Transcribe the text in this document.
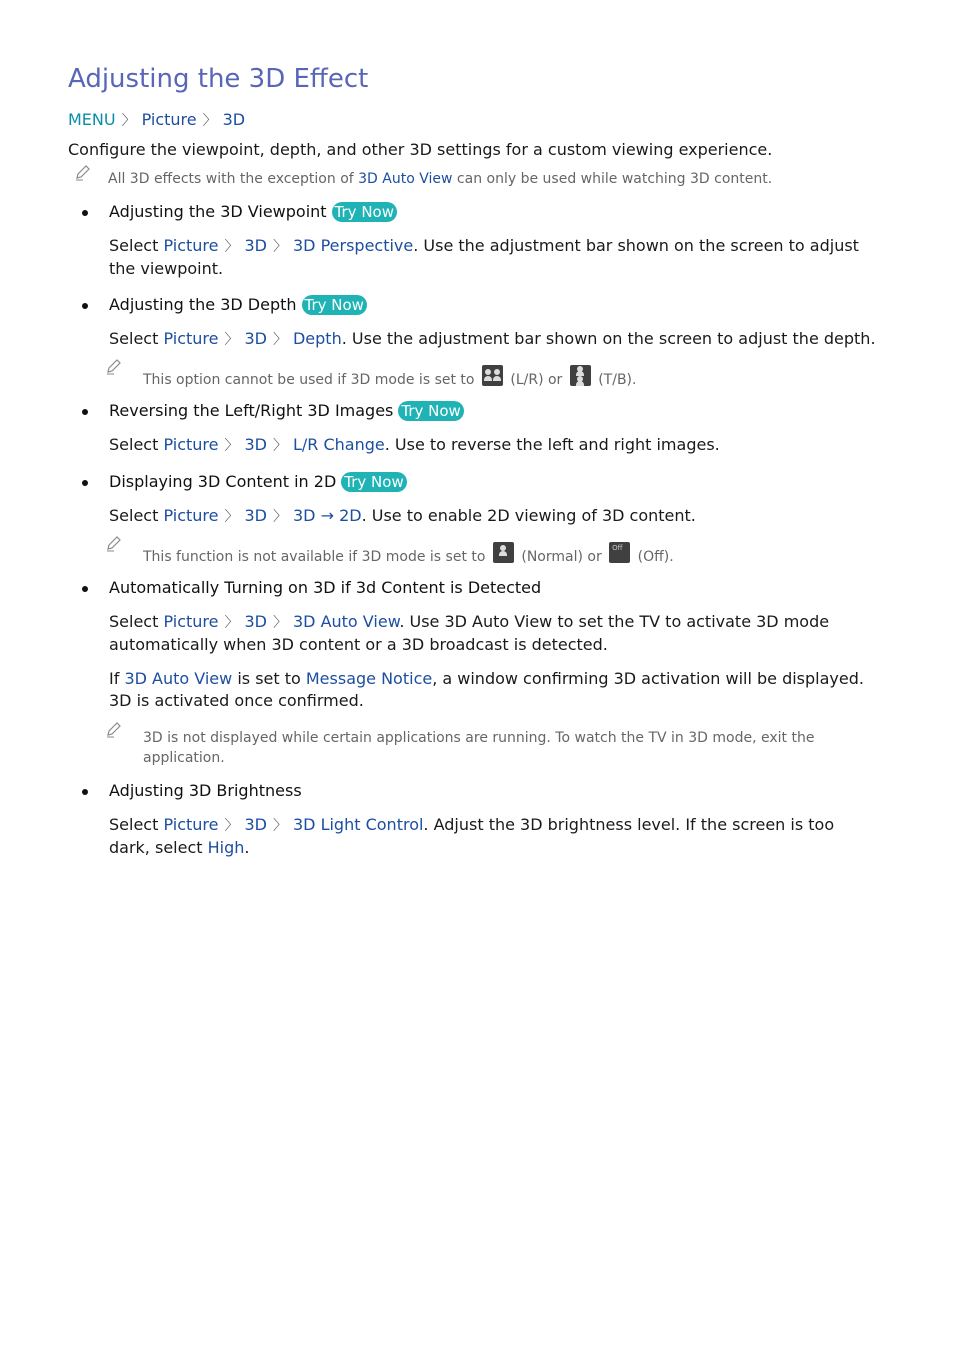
Adjusting the 3D Effect
MENU 〉 Picture 〉 3D
Configure the viewpoint, depth, and other 3D settings for a custom viewing experience.
All 3D effects with the exception of 3D Auto View can only be used while watching 3D content.
Adjusting the 3D Viewpoint Try Now
Select Picture 〉 3D 〉 3D Perspective. Use the adjustment bar shown on the screen to adjust the viewpoint.
Adjusting the 3D Depth Try Now
Select Picture 〉 3D 〉 Depth. Use the adjustment bar shown on the screen to adjust the depth.
This option cannot be used if 3D mode is set to
(L/R) or
(T/B).
Reversing the Left/Right 3D Images Try Now
Select Picture 〉 3D 〉 L/R Change. Use to reverse the left and right images.
Displaying 3D Content in 2D Try Now
Select Picture 〉 3D 〉 3D → 2D. Use to enable 2D viewing of 3D content.
This function is not available if 3D mode is set to
(Normal) or
Off
(Off).
Automatically Turning on 3D if 3d Content is Detected
Select Picture 〉 3D 〉 3D Auto View. Use 3D Auto View to set the TV to activate 3D mode automatically when 3D content or a 3D broadcast is detected.
If 3D Auto View is set to Message Notice, a window confirming 3D activation will be displayed. 3D is activated once confirmed.
3D is not displayed while certain applications are running. To watch the TV in 3D mode, exit the application.
Adjusting 3D Brightness
Select Picture 〉 3D 〉 3D Light Control. Adjust the 3D brightness level. If the screen is too dark, select High.
